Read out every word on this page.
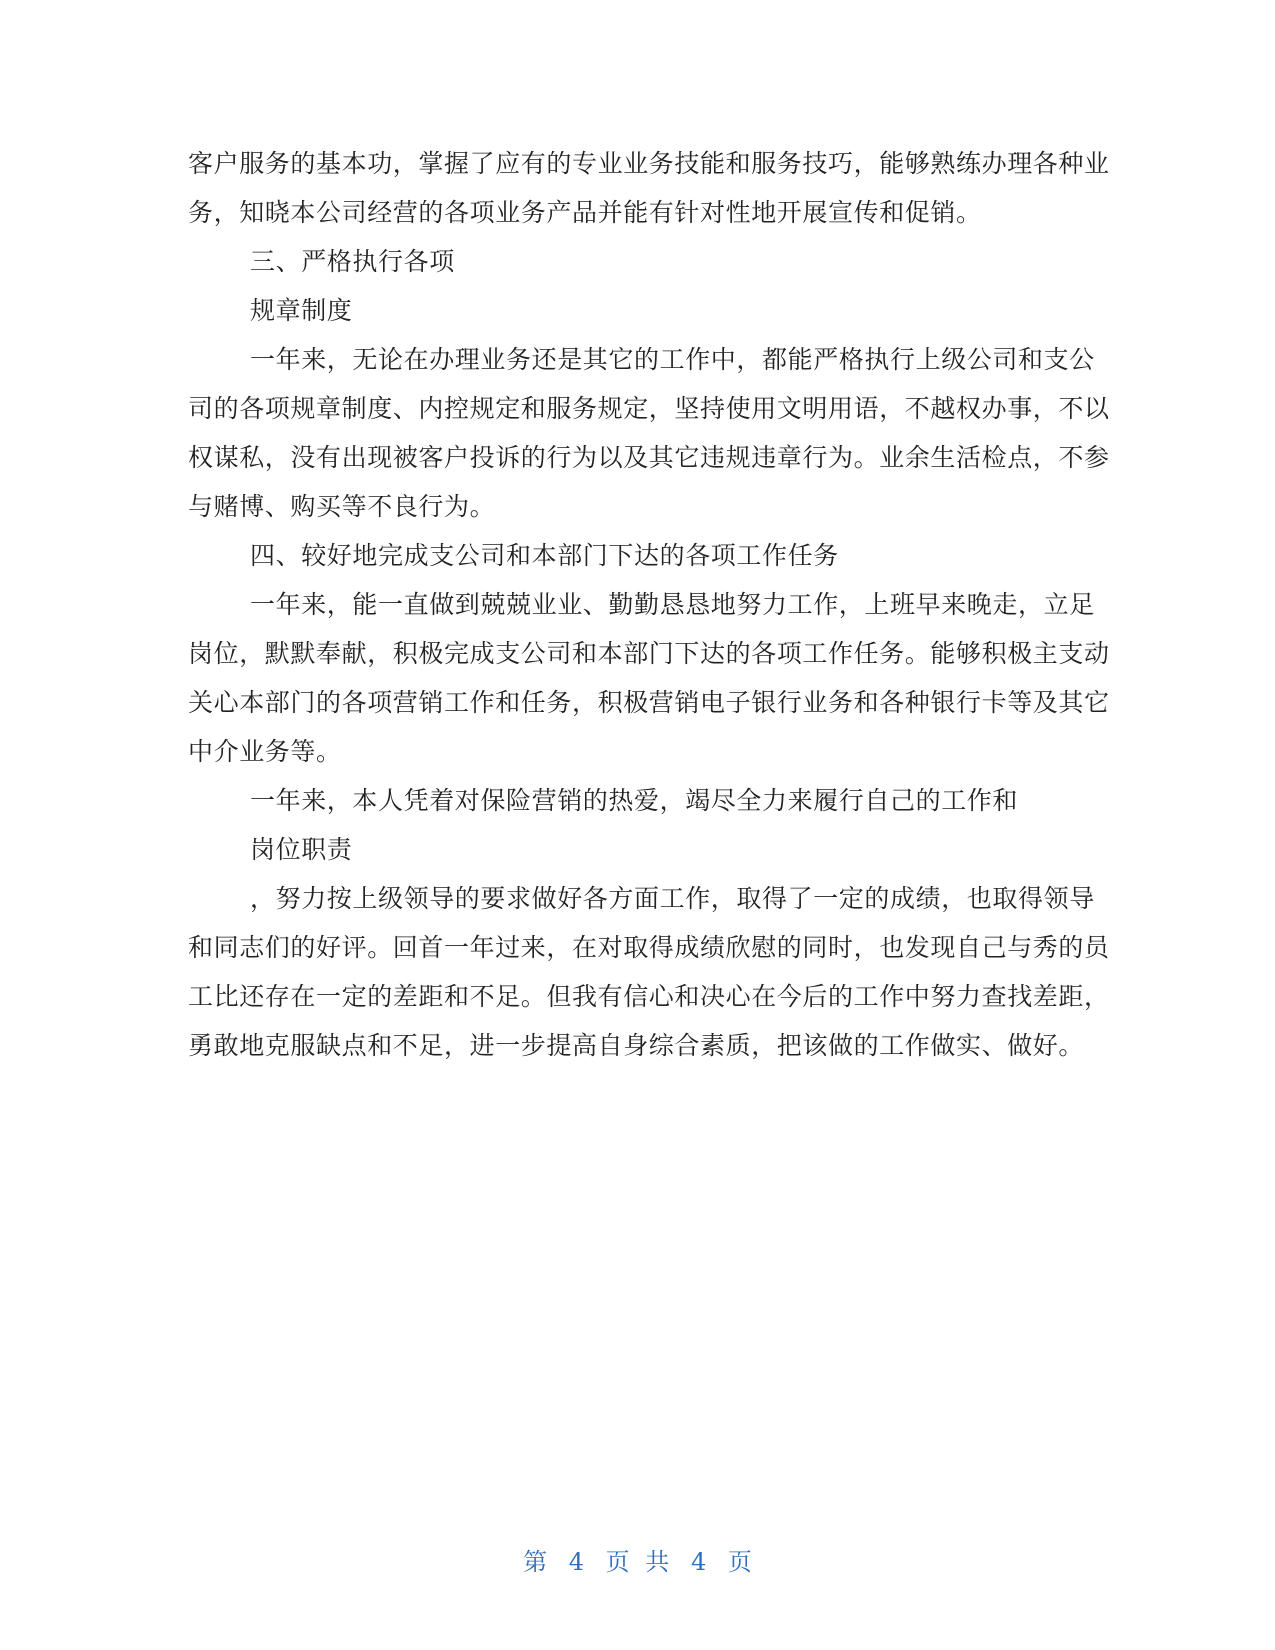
客户服务的基本功，掌握了应有的专业业务技能和服务技巧，能够熟练办理各种业
务，知晓本公司经营的各项业务产品并能有针对性地开展宣传和促销。
三、严格执行各项
规章制度
一年来，无论在办理业务还是其它的工作中，都能严格执行上级公司和支公
司的各项规章制度、内控规定和服务规定，坚持使用文明用语，不越权办事，不以
权谋私，没有出现被客户投诉的行为以及其它违规违章行为。业余生活检点，不参
与赌博、购买等不良行为。
四、较好地完成支公司和本部门下达的各项工作任务
一年来，能一直做到兢兢业业、勤勤恳恳地努力工作，上班早来晚走，立足
岗位，默默奉献，积极完成支公司和本部门下达的各项工作任务。能够积极主支动
关心本部门的各项营销工作和任务，积极营销电子银行业务和各种银行卡等及其它
中介业务等。
一年来，本人凭着对保险营销的热爱，竭尽全力来履行自己的工作和
岗位职责
，努力按上级领导的要求做好各方面工作，取得了一定的成绩，也取得领导
和同志们的好评。回首一年过来，在对取得成绩欣慰的同时，也发现自己与秀的员
工比还存在一定的差距和不足。但我有信心和决心在今后的工作中努力查找差距，
勇敢地克服缺点和不足，进一步提高自身综合素质，把该做的工作做实、做好。
第 4 页 共 4 页
